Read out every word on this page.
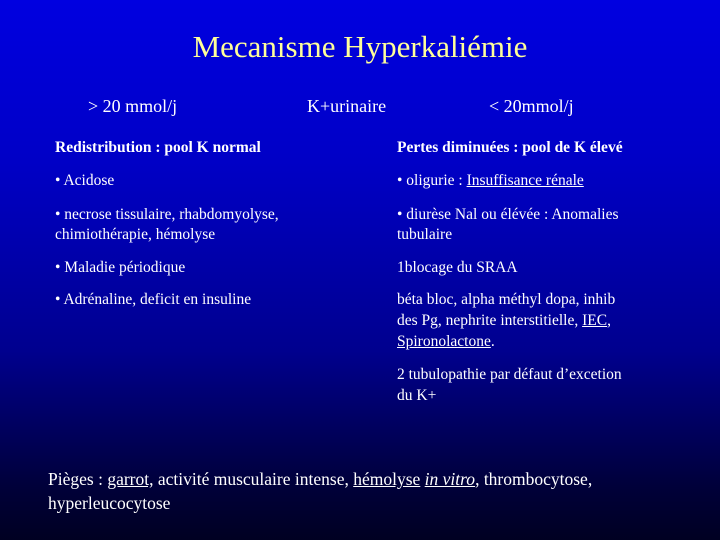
Mecanisme Hyperkaliémie
> 20 mmol/j	K+urinaire	< 20mmol/j
Redistribution : pool K normal
• Acidose
• necrose tissulaire, rhabdomyolyse,
chimiothérapie, hémolyse
• Maladie périodique
• Adrénaline, deficit en insuline
Pertes diminuées : pool de K élevé
• oligurie : Insuffisance rénale
• diurèse Nal ou élévée : Anomalies
tubulaire
1blocage du SRAA
béta bloc, alpha méthyl dopa, inhib
des Pg, nephrite interstitielle, IEC,
Spironolactone.
2 tubulopathie par défaut d’excetion
du K+
Pièges : garrot, activité musculaire intense, hémolyse in vitro, thrombocytose,
hyperleucocytose
